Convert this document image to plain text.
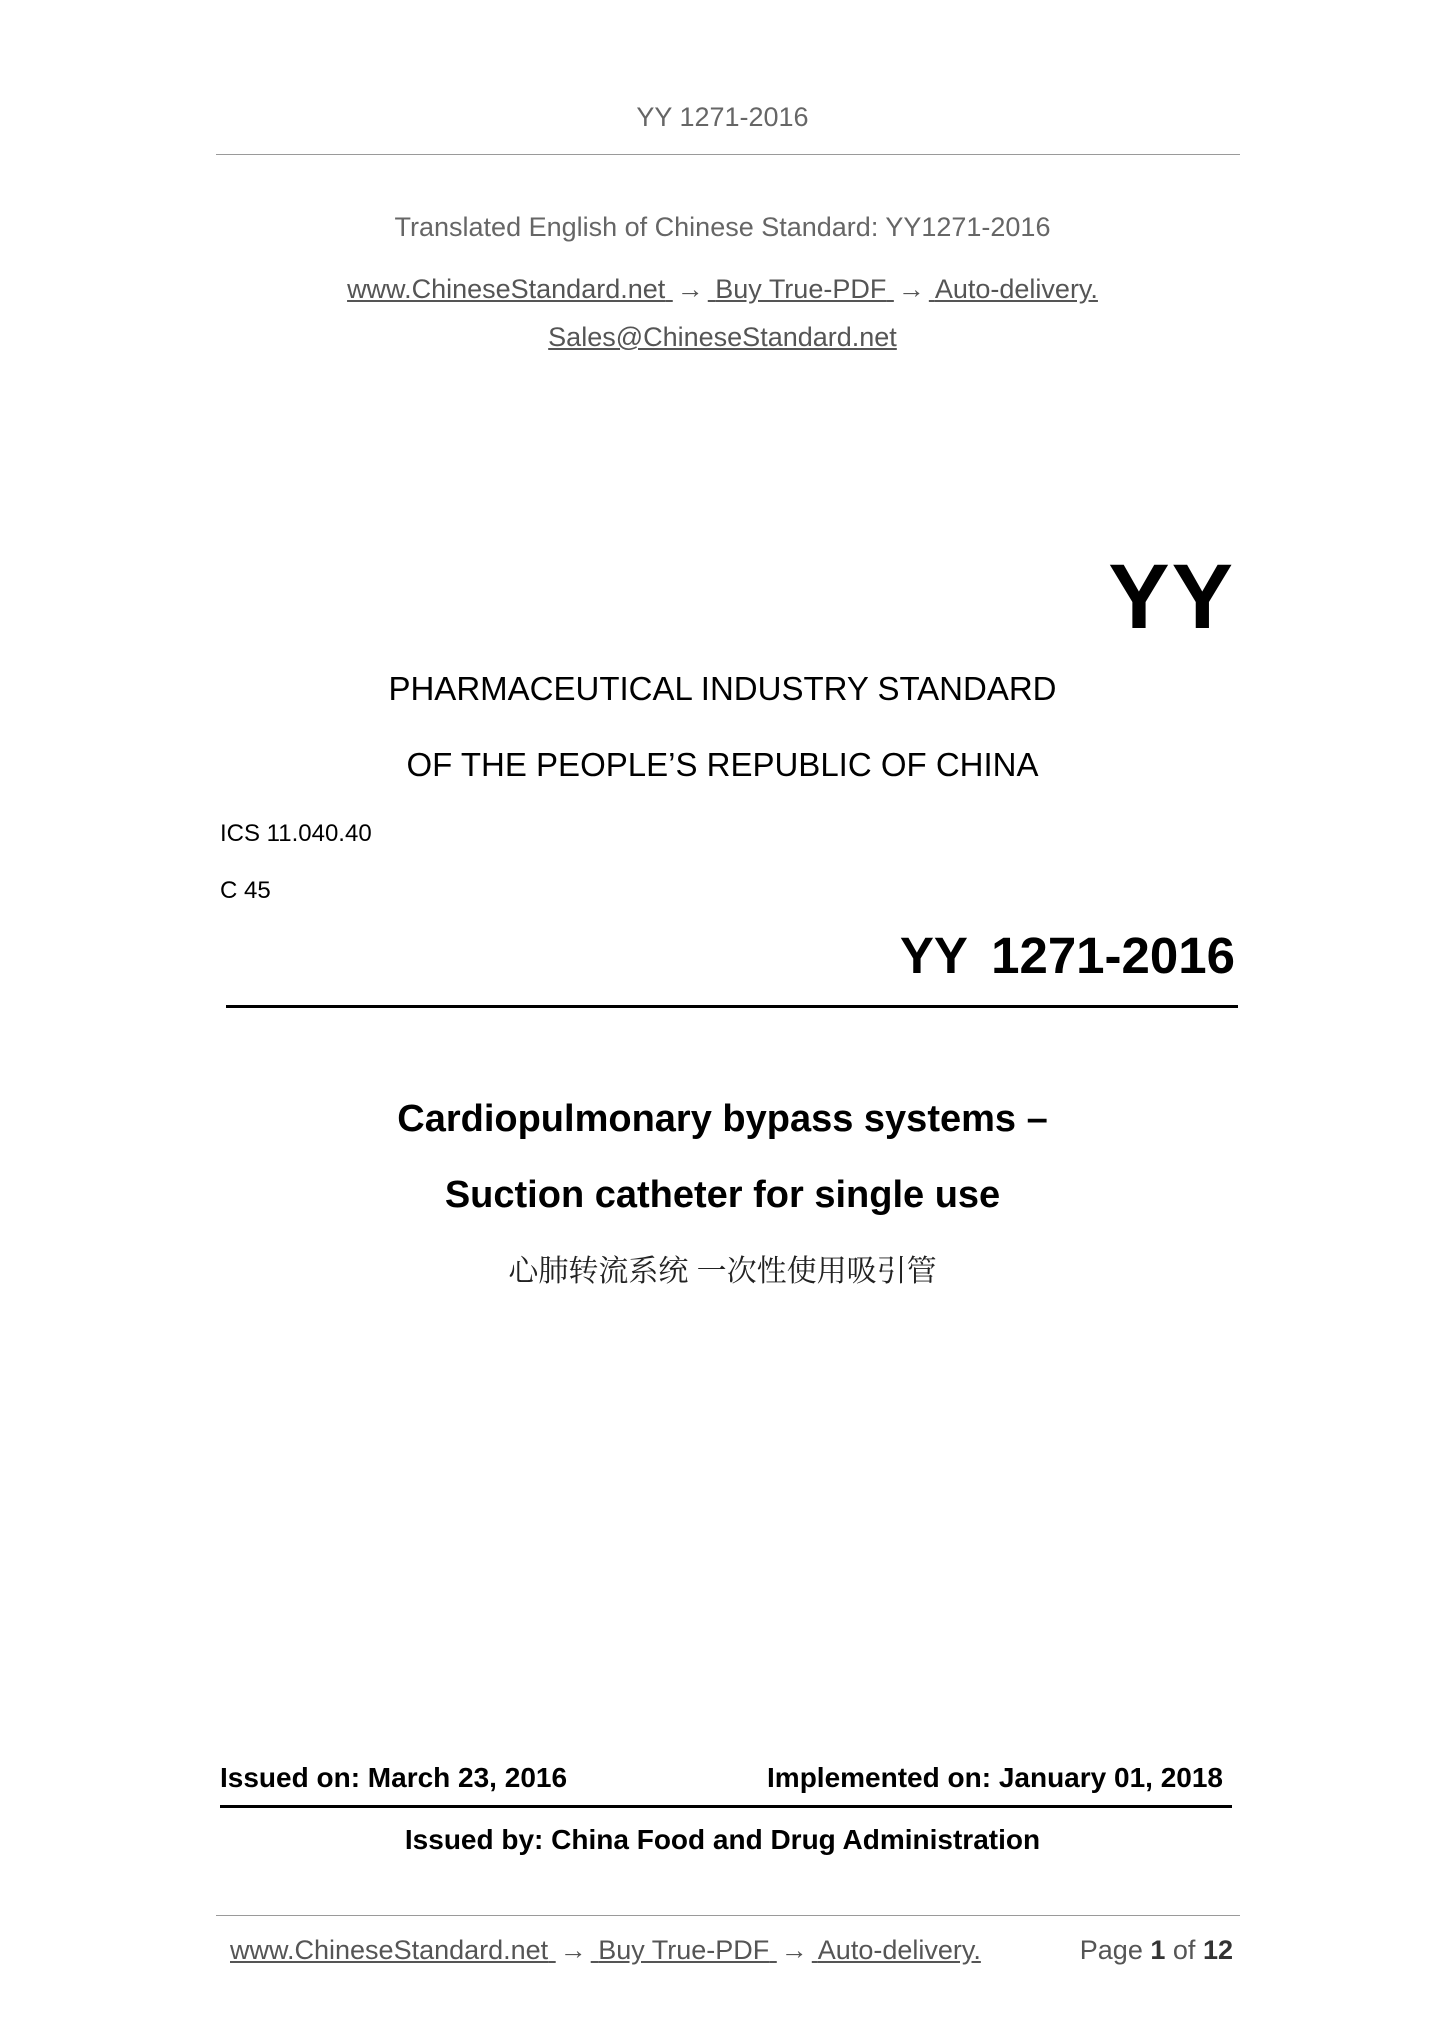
YY 1271-2016
Translated English of Chinese Standard: YY1271-2016
www.ChineseStandard.net → Buy True-PDF → Auto-delivery.
Sales@ChineseStandard.net
YY
PHARMACEUTICAL INDUSTRY STANDARD
OF THE PEOPLE’S REPUBLIC OF CHINA
ICS 11.040.40
C 45
YY 1271-2016
Cardiopulmonary bypass systems –
Suction catheter for single use
心肺转流系统 一次性使用吸引管
Issued on: March 23, 2016	Implemented on: January 01, 2018
Issued by: China Food and Drug Administration
www.ChineseStandard.net → Buy True-PDF → Auto-delivery.	Page 1 of 12
